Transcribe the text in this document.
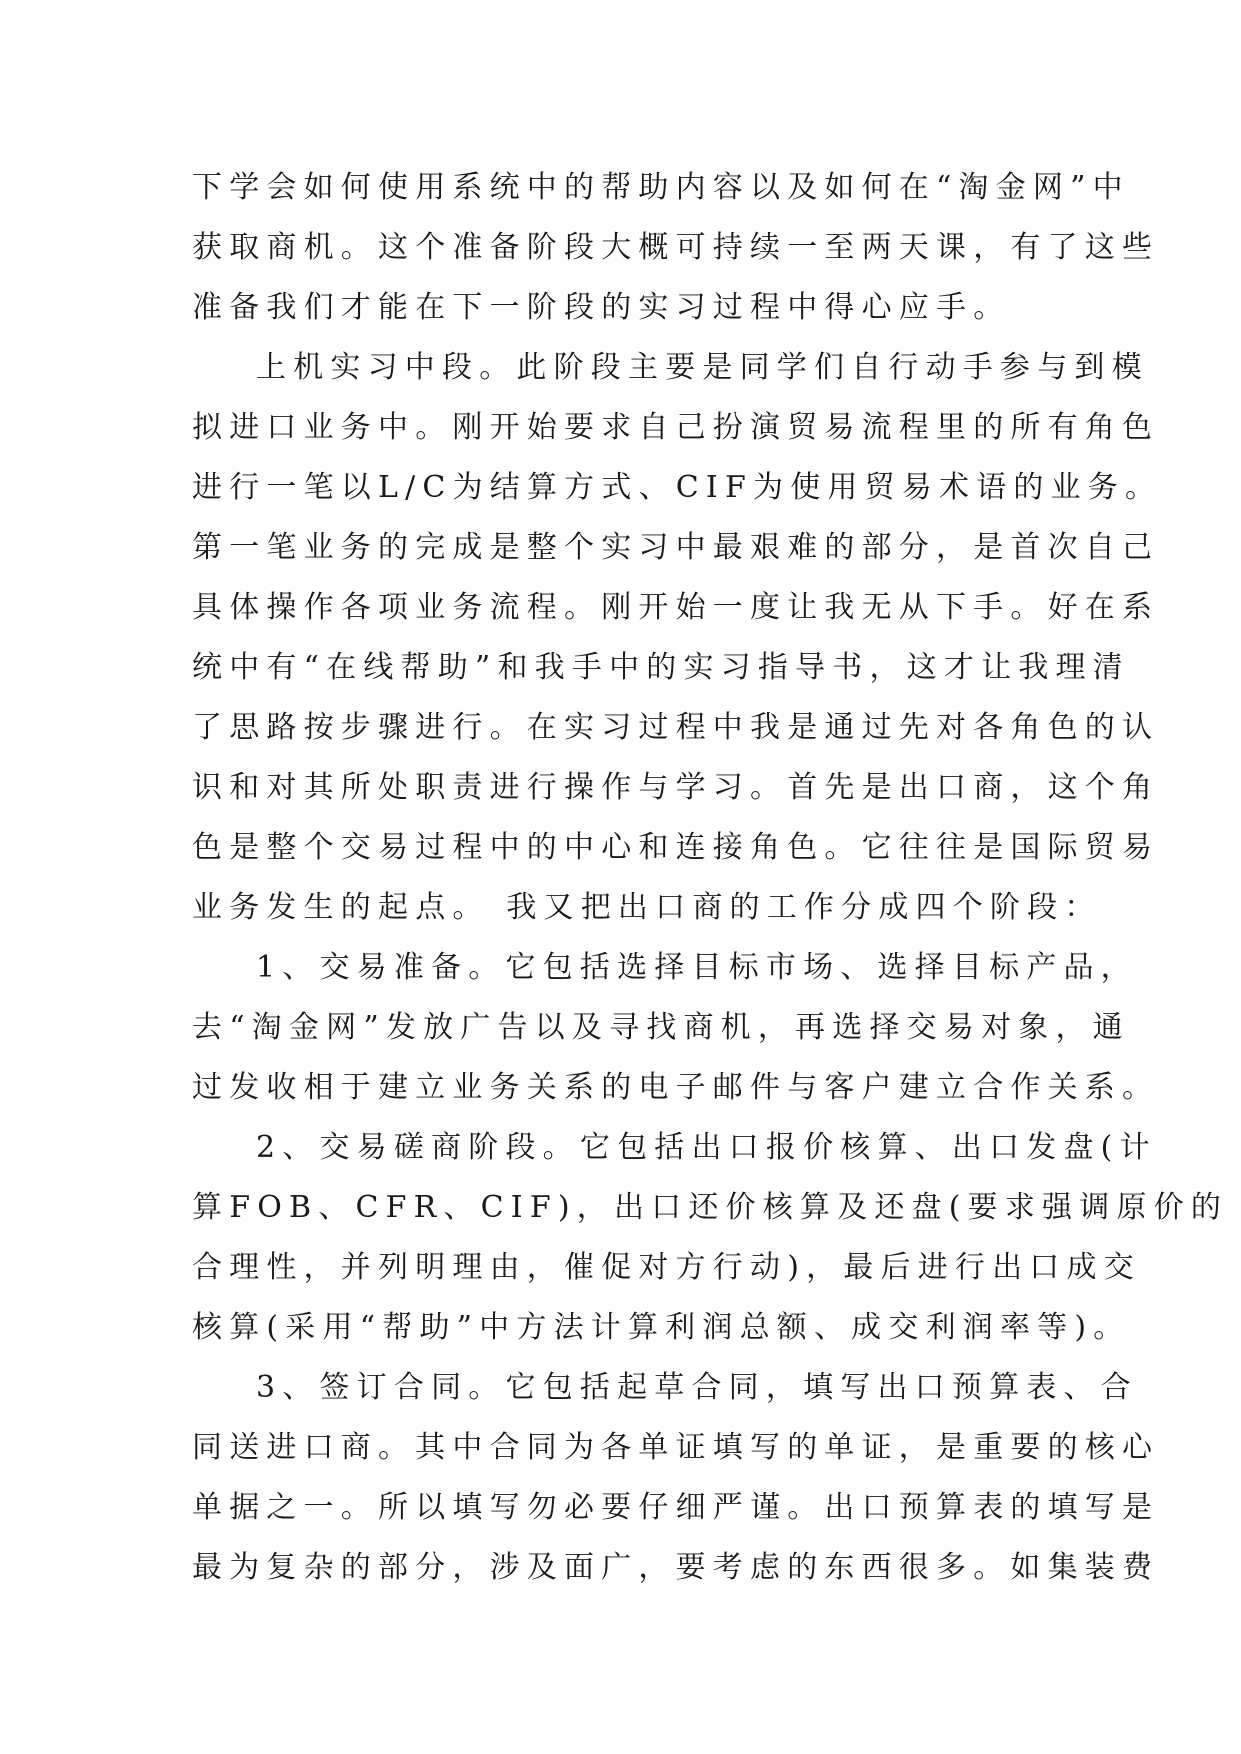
下学会如何使用系统中的帮助内容以及如何在“淘金网”中
获取商机。这个准备阶段大概可持续一至两天课，有了这些
准备我们才能在下一阶段的实习过程中得心应手。
上机实习中段。此阶段主要是同学们自行动手参与到模
拟进口业务中。刚开始要求自己扮演贸易流程里的所有角色
进行一笔以L/C为结算方式、CIF为使用贸易术语的业务。
第一笔业务的完成是整个实习中最艰难的部分，是首次自己
具体操作各项业务流程。刚开始一度让我无从下手。好在系
统中有“在线帮助”和我手中的实习指导书，这才让我理清
了思路按步骤进行。在实习过程中我是通过先对各角色的认
识和对其所处职责进行操作与学习。首先是出口商，这个角
色是整个交易过程中的中心和连接角色。它往往是国际贸易
业务发生的起点。 我又把出口商的工作分成四个阶段：
1、交易准备。它包括选择目标市场、选择目标产品，
去“淘金网”发放广告以及寻找商机，再选择交易对象，通
过发收相于建立业务关系的电子邮件与客户建立合作关系。
2、交易磋商阶段。它包括出口报价核算、出口发盘(计
算FOB、CFR、CIF)，出口还价核算及还盘(要求强调原价的
合理性，并列明理由，催促对方行动)，最后进行出口成交
核算(采用“帮助”中方法计算利润总额、成交利润率等)。
3、签订合同。它包括起草合同，填写出口预算表、合
同送进口商。其中合同为各单证填写的单证，是重要的核心
单据之一。所以填写勿必要仔细严谨。出口预算表的填写是
最为复杂的部分，涉及面广，要考虑的东西很多。如集装费
